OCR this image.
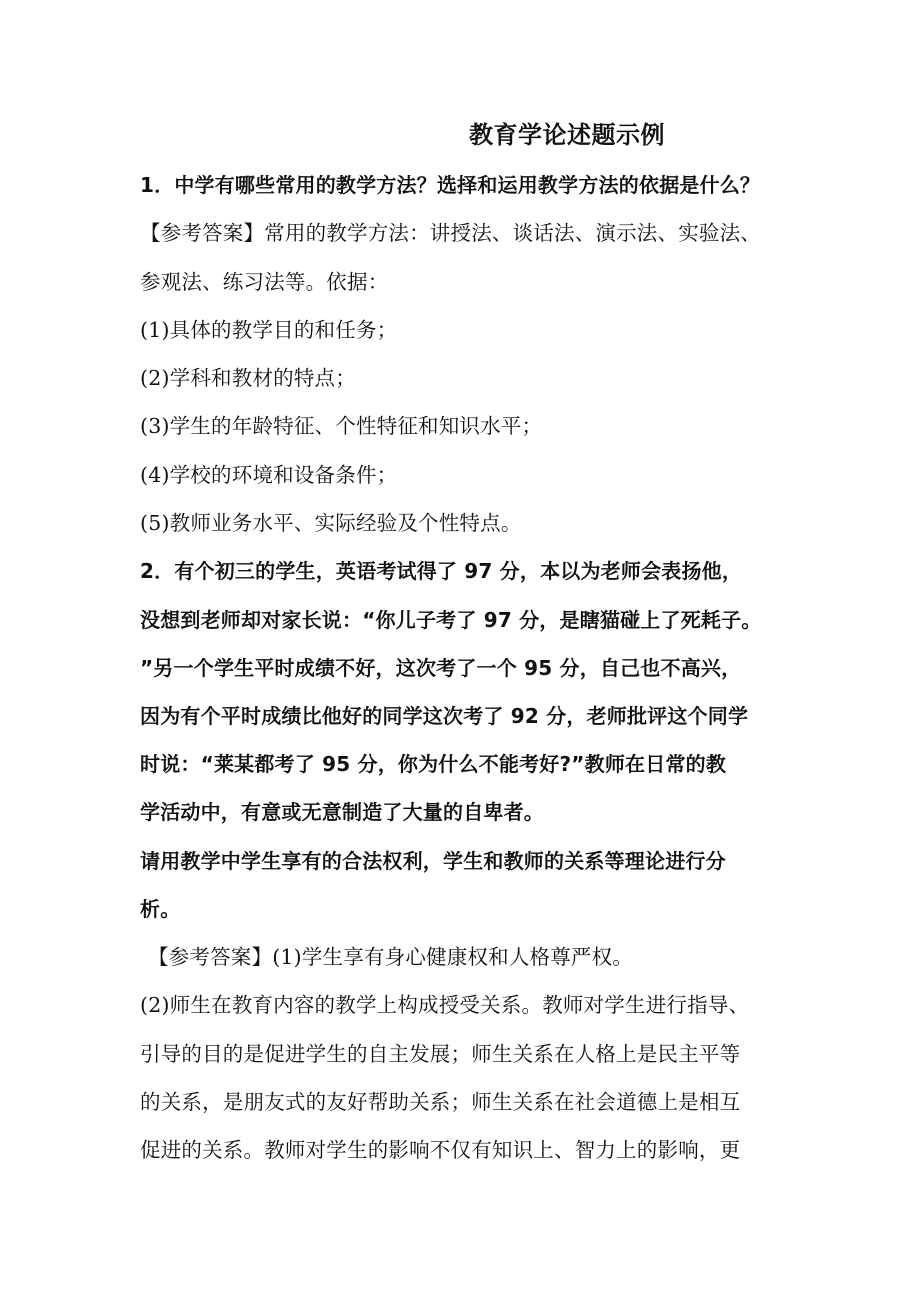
教育学论述题示例
1．中学有哪些常用的教学方法？选择和运用教学方法的依据是什么？
【参考答案】常用的教学方法：讲授法、谈话法、演示法、实验法、
参观法、练习法等。依据：
(1)具体的教学目的和任务；
(2)学科和教材的特点；
(3)学生的年龄特征、个性特征和知识水平；
(4)学校的环境和设备条件；
(5)教师业务水平、实际经验及个性特点。
2．有个初三的学生，英语考试得了 97 分，本以为老师会表扬他，
没想到老师却对家长说：“你儿子考了 97 分，是瞎猫碰上了死耗子。
”另一个学生平时成绩不好，这次考了一个 95 分，自己也不高兴，
因为有个平时成绩比他好的同学这次考了 92 分，老师批评这个同学
时说：“莱某都考了 95 分，你为什么不能考好?”教师在日常的教
学活动中，有意或无意制造了大量的自卑者。
请用教学中学生享有的合法权利，学生和教师的关系等理论进行分
析。
【参考答案】(1)学生享有身心健康权和人格尊严权。
(2)师生在教育内容的教学上构成授受关系。教师对学生进行指导、
引导的目的是促进学生的自主发展；师生关系在人格上是民主平等
的关系，是朋友式的友好帮助关系；师生关系在社会道德上是相互
促进的关系。教师对学生的影响不仅有知识上、智力上的影响，更
